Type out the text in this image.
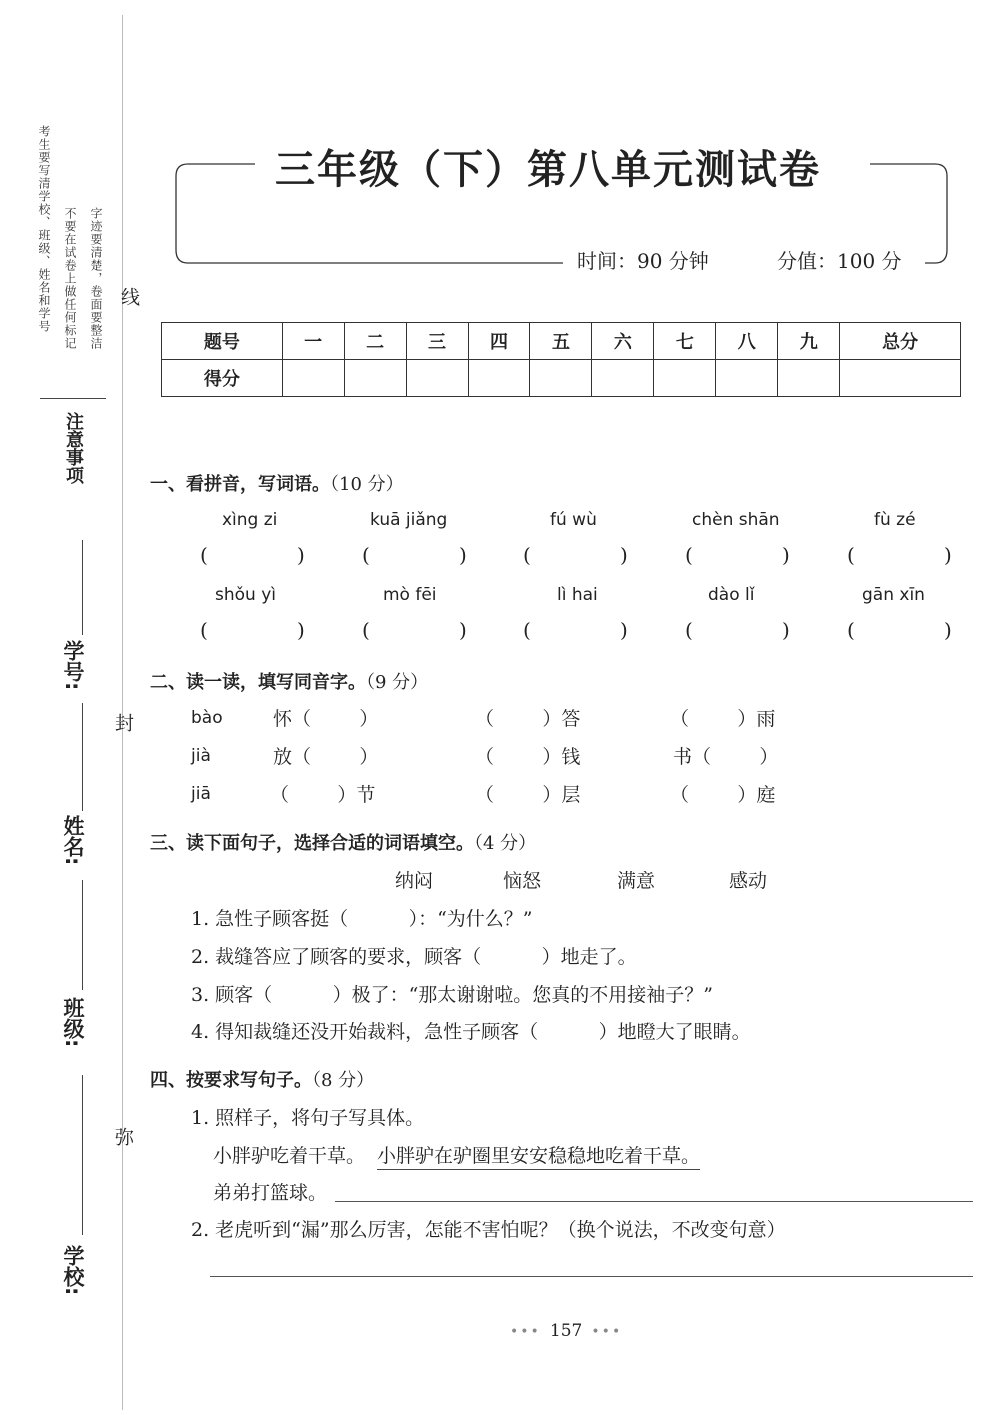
考生要写清学校、班级、姓名和学号 不要在试卷上做任何标记 字迹要清楚，卷面要整洁
注意事项
线
封
弥
学号:
姓名:
班级:
学校:
三年级（下）第八单元测试卷
时间：90 分钟	分值：100 分
题号	一	二	三	四	五	六	七	八	九	总分
得分										
一、看拼音，写词语。（10 分）
xìng zi	kuā jiǎng	fú wù	chèn shān	fù zé
(	)	(	)	(	)	(	)	(	)
shǒu yì	mò fēi	lì hai	dào lǐ	gān xīn
(	)	(	)	(	)	(	)	(	)
二、读一读，填写同音字。（9 分）
bào	怀（        ）	（        ）答	（        ）雨
jià	放（        ）	（        ）钱	书（        ）
jiā	（        ）节	（        ）层	（        ）庭
三、读下面句子，选择合适的词语填空。（4 分）
纳闷	恼怒	满意	感动
1. 急性子顾客挺（          ）：“为什么？”
2. 裁缝答应了顾客的要求，顾客（          ）地走了。
3. 顾客（          ）极了：“那太谢谢啦。您真的不用接袖子？”
4. 得知裁缝还没开始裁料，急性子顾客（          ）地瞪大了眼睛。
四、按要求写句子。（8 分）
1. 照样子，将句子写具体。
小胖驴吃着干草。 小胖驴在驴圈里安安稳稳地吃着干草。
弟弟打篮球。
2. 老虎听到“漏”那么厉害，怎能不害怕呢？（换个说法，不改变句意）
••• 157 •••
